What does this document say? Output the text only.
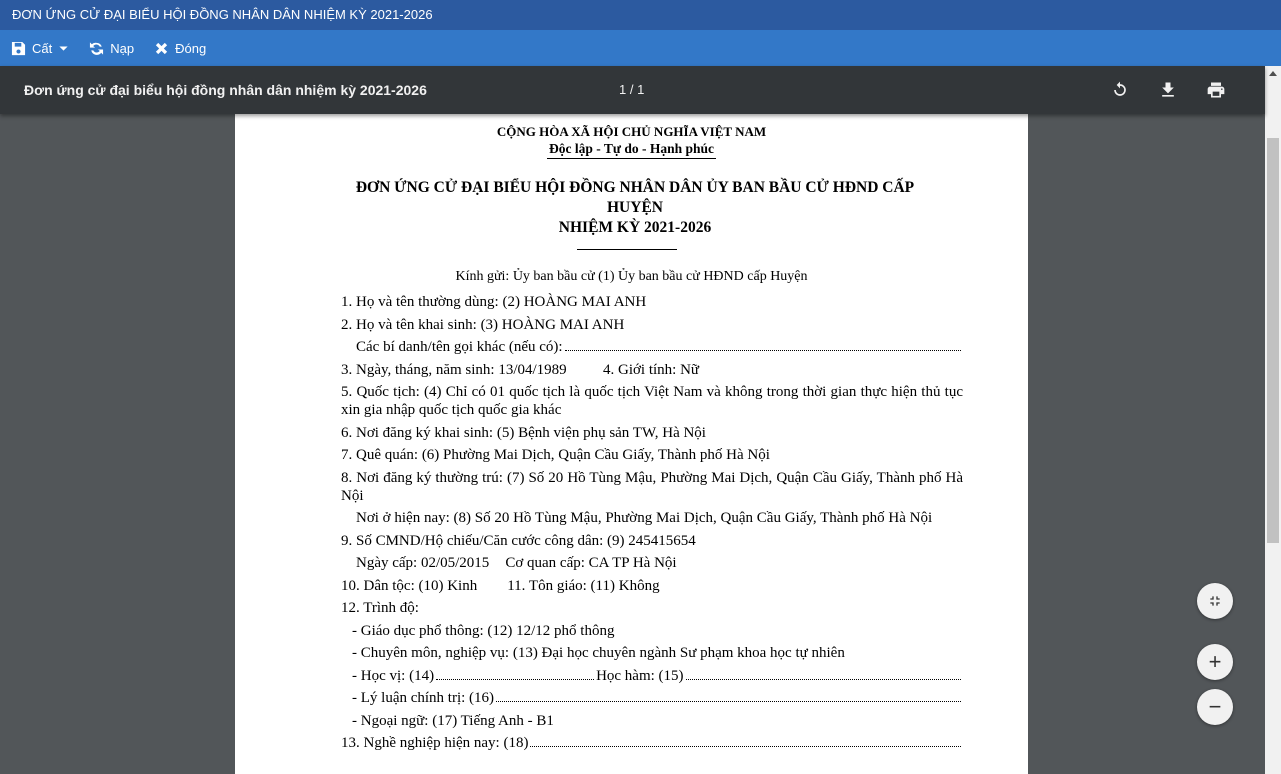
ĐƠN ỨNG CỬ ĐẠI BIỂU HỘI ĐỒNG NHÂN DÂN NHIỆM KỲ 2021-2026
Cất	Nạp	Đóng
Đơn ứng cử đại biểu hội đồng nhân dân nhiệm kỳ 2021-2026	1 / 1
CỘNG HÒA XÃ HỘI CHỦ NGHĨA VIỆT NAM
Độc lập - Tự do - Hạnh phúc
ĐƠN ỨNG CỬ ĐẠI BIỂU HỘI ĐỒNG NHÂN DÂN ỦY BAN BẦU CỬ HĐND CẤP HUYỆN
NHIỆM KỲ 2021-2026
Kính gửi: Ủy ban bầu cử (1) Ủy ban bầu cử HĐND cấp Huyện
1. Họ và tên thường dùng: (2) HOÀNG MAI ANH
2. Họ và tên khai sinh: (3) HOÀNG MAI ANH
Các bí danh/tên gọi khác (nếu có):
3. Ngày, tháng, năm sinh: 13/04/1989	4. Giới tính: Nữ
5. Quốc tịch: (4) Chỉ có 01 quốc tịch là quốc tịch Việt Nam và không trong thời gian thực hiện thủ tục xin gia nhập quốc tịch quốc gia khác
6. Nơi đăng ký khai sinh: (5) Bệnh viện phụ sản TW, Hà Nội
7. Quê quán: (6) Phường Mai Dịch, Quận Cầu Giấy, Thành phố Hà Nội
8. Nơi đăng ký thường trú: (7) Số 20 Hồ Tùng Mậu, Phường Mai Dịch, Quận Cầu Giấy, Thành phố Hà Nội
Nơi ở hiện nay: (8) Số 20 Hồ Tùng Mậu, Phường Mai Dịch, Quận Cầu Giấy, Thành phố Hà Nội
9. Số CMND/Hộ chiếu/Căn cước công dân: (9) 245415654
Ngày cấp: 02/05/2015 Cơ quan cấp: CA TP Hà Nội
10. Dân tộc: (10) Kinh 11. Tôn giáo: (11) Không
12. Trình độ:
- Giáo dục phổ thông: (12) 12/12 phổ thông
- Chuyên môn, nghiệp vụ: (13) Đại học chuyên ngành Sư phạm khoa học tự nhiên
- Học vị: (14)	Học hàm: (15)
- Lý luận chính trị: (16)
- Ngoại ngữ: (17) Tiếng Anh - B1
13. Nghề nghiệp hiện nay: (18)
+
−
